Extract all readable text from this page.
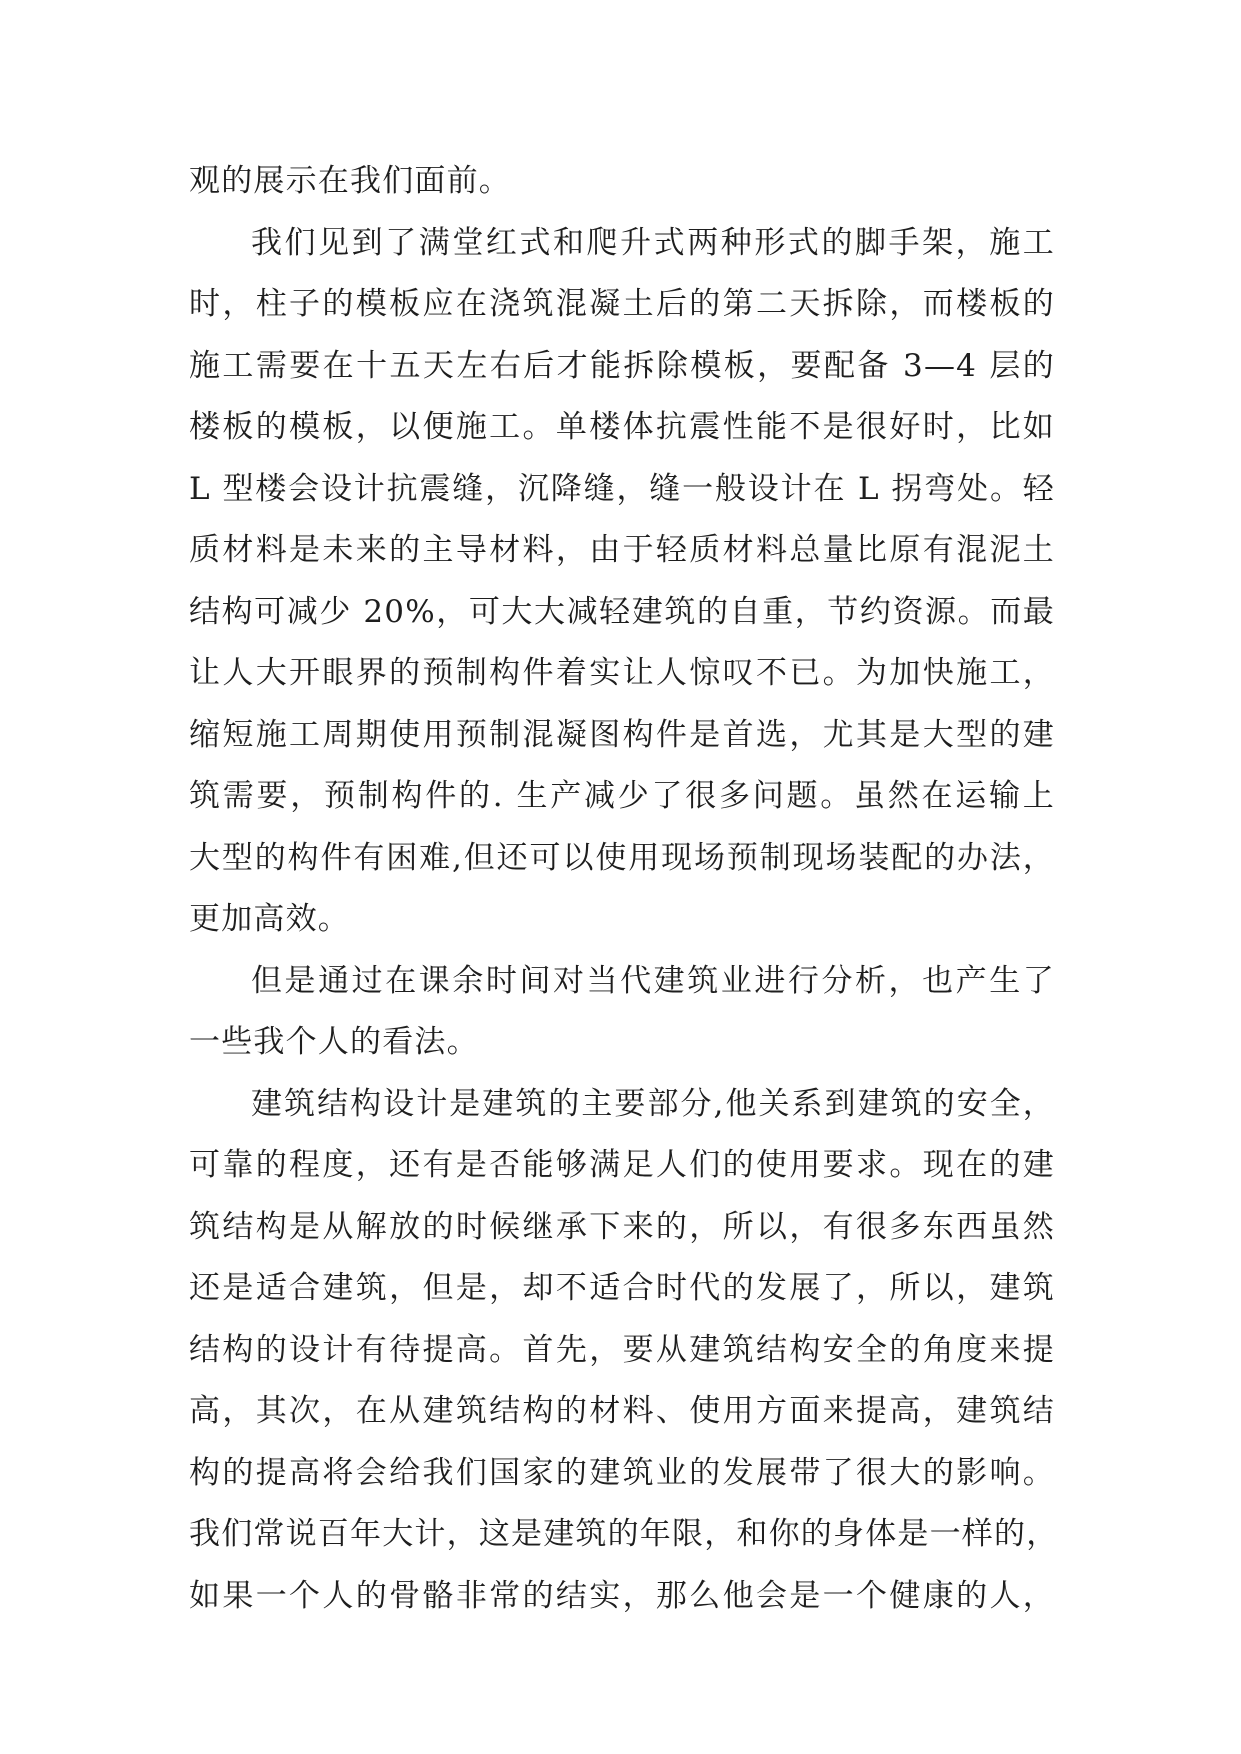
观的展示在我们面前。
我们见到了满堂红式和爬升式两种形式的脚手架，施工
时，柱子的模板应在浇筑混凝土后的第二天拆除，而楼板的
施工需要在十五天左右后才能拆除模板，要配备 3—4 层的
楼板的模板，以便施工。单楼体抗震性能不是很好时，比如
L 型楼会设计抗震缝，沉降缝，缝一般设计在 L 拐弯处。轻
质材料是未来的主导材料，由于轻质材料总量比原有混泥土
结构可减少 20%，可大大减轻建筑的自重，节约资源。而最
让人大开眼界的预制构件着实让人惊叹不已。为加快施工，
缩短施工周期使用预制混凝图构件是首选，尤其是大型的建
筑需要，预制构件的. 生产减少了很多问题。虽然在运输上
大型的构件有困难,但还可以使用现场预制现场装配的办法，
更加高效。
但是通过在课余时间对当代建筑业进行分析，也产生了
一些我个人的看法。
建筑结构设计是建筑的主要部分,他关系到建筑的安全，
可靠的程度，还有是否能够满足人们的使用要求。现在的建
筑结构是从解放的时候继承下来的，所以，有很多东西虽然
还是适合建筑，但是，却不适合时代的发展了，所以，建筑
结构的设计有待提高。首先，要从建筑结构安全的角度来提
高，其次，在从建筑结构的材料、使用方面来提高，建筑结
构的提高将会给我们国家的建筑业的发展带了很大的影响。
我们常说百年大计，这是建筑的年限，和你的身体是一样的，
如果一个人的骨骼非常的结实，那么他会是一个健康的人，
